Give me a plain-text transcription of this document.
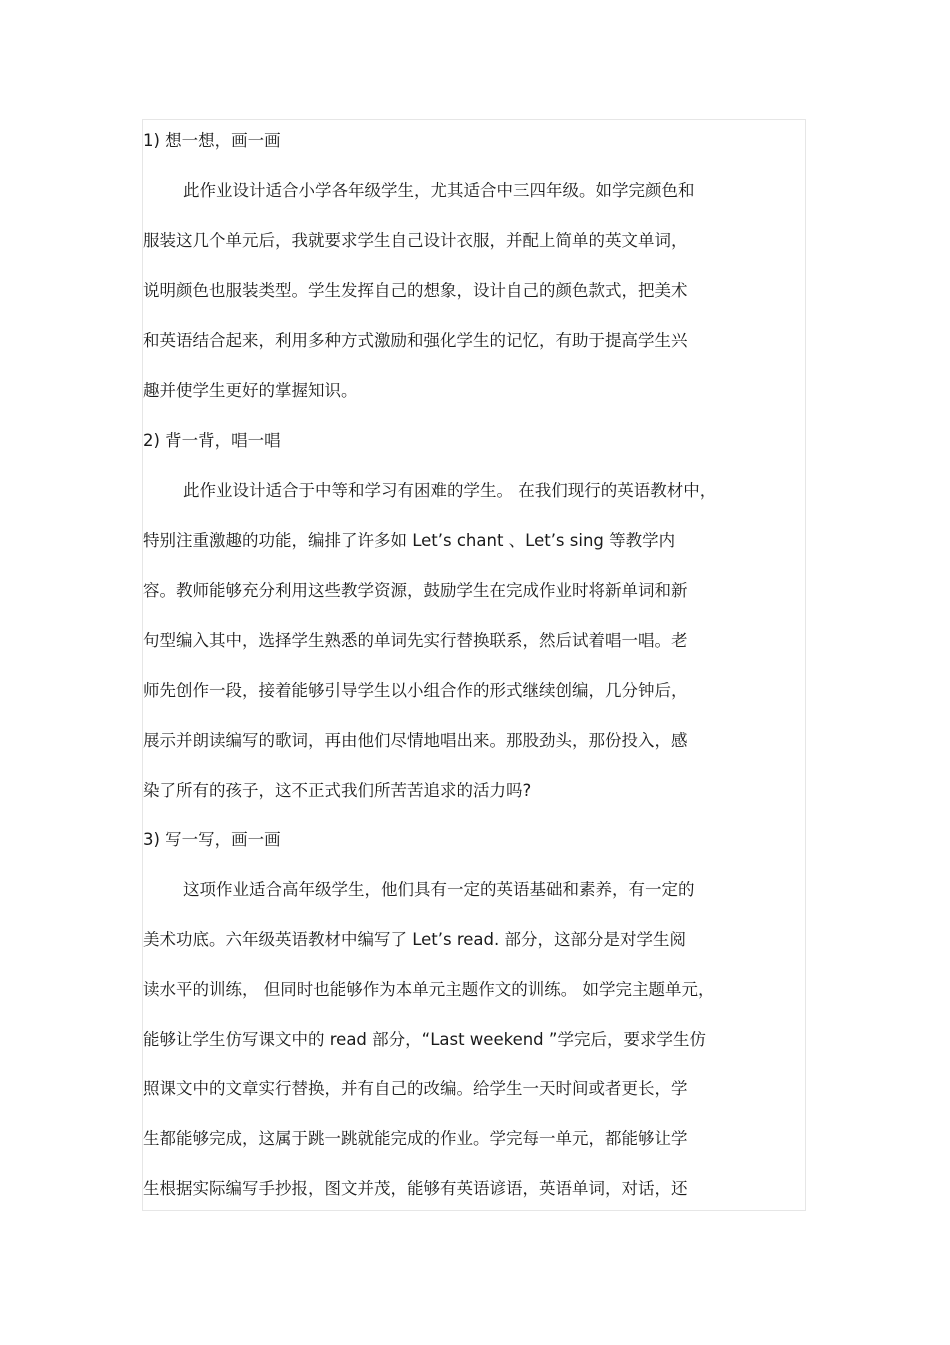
1) 想一想，画一画
此作业设计适合小学各年级学生，尤其适合中三四年级。如学完颜色和
服装这几个单元后，我就要求学生自己设计衣服，并配上简单的英文单词，
说明颜色也服装类型。学生发挥自己的想象，设计自己的颜色款式，把美术
和英语结合起来，利用多种方式激励和强化学生的记忆，有助于提高学生兴
趣并使学生更好的掌握知识。
2) 背一背，唱一唱
此作业设计适合于中等和学习有困难的学生。 在我们现行的英语教材中，
特别注重激趣的功能，编排了许多如 Let’s chant 、Let’s sing 等教学内
容。教师能够充分利用这些教学资源，鼓励学生在完成作业时将新单词和新
句型编入其中，选择学生熟悉的单词先实行替换联系，然后试着唱一唱。老
师先创作一段，接着能够引导学生以小组合作的形式继续创编，几分钟后，
展示并朗读编写的歌词，再由他们尽情地唱出来。那股劲头，那份投入，感
染了所有的孩子，这不正式我们所苦苦追求的活力吗?
3) 写一写，画一画
这项作业适合高年级学生，他们具有一定的英语基础和素养，有一定的
美术功底。六年级英语教材中编写了 Let’s read. 部分，这部分是对学生阅
读水平的训练， 但同时也能够作为本单元主题作文的训练。 如学完主题单元，
能够让学生仿写课文中的 read 部分，“Last weekend ”学完后，要求学生仿
照课文中的文章实行替换，并有自己的改编。给学生一天时间或者更长，学
生都能够完成，这属于跳一跳就能完成的作业。学完每一单元，都能够让学
生根据实际编写手抄报，图文并茂，能够有英语谚语，英语单词，对话，还
